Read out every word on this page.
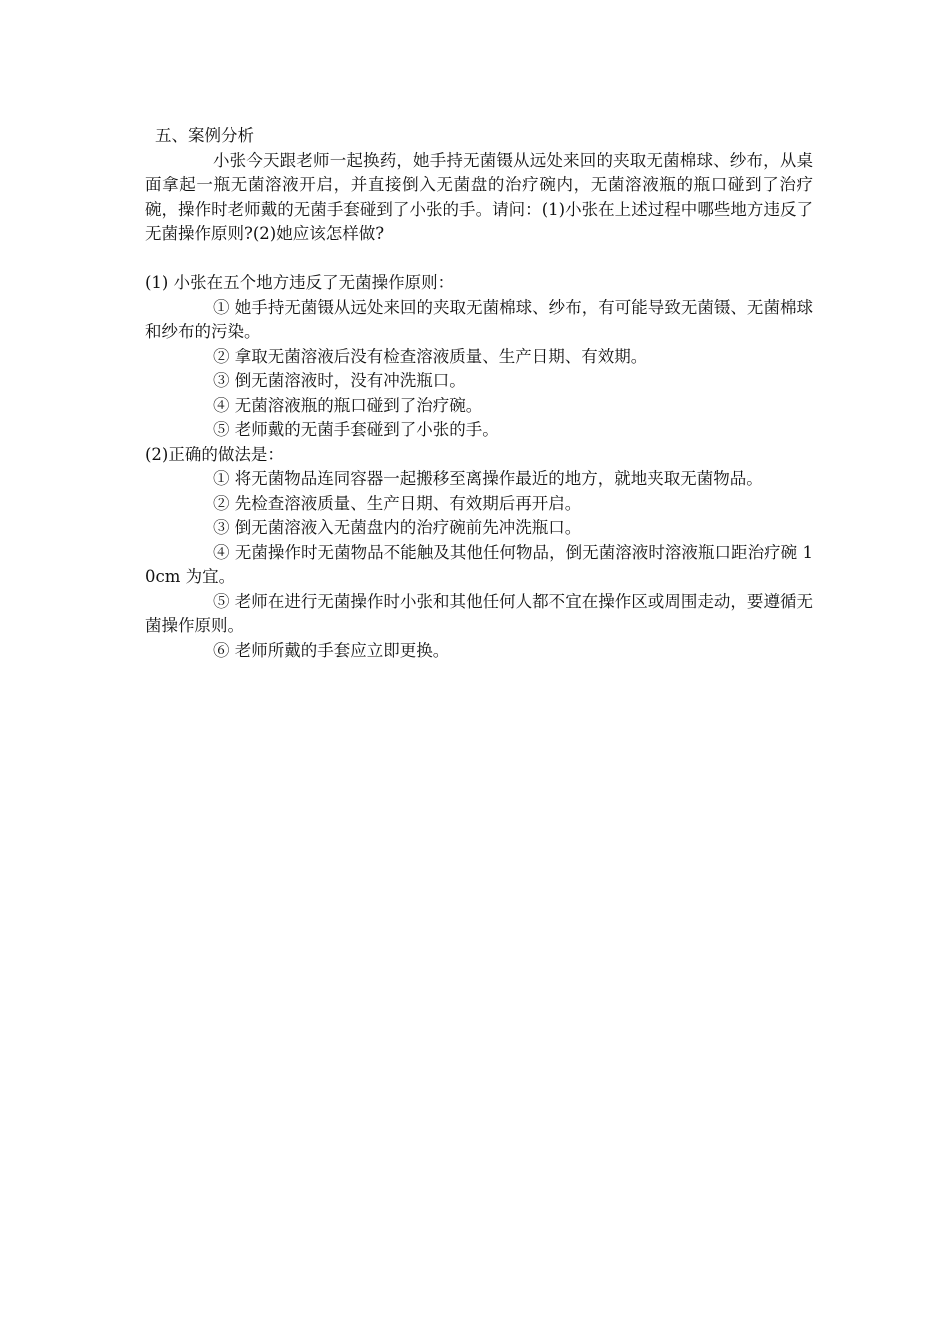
五、案例分析

小张今天跟老师一起换药，她手持无菌镊从远处来回的夹取无菌棉球、纱布，从桌面拿起一瓶无菌溶液开启，并直接倒入无菌盘的治疗碗内，无菌溶液瓶的瓶口碰到了治疗碗，操作时老师戴的无菌手套碰到了小张的手。请问：(1)小张在上述过程中哪些地方违反了无菌操作原则?(2)她应该怎样做?

(1) 小张在五个地方违反了无菌操作原则：

① 她手持无菌镊从远处来回的夹取无菌棉球、纱布，有可能导致无菌镊、无菌棉球和纱布的污染。

② 拿取无菌溶液后没有检查溶液质量、生产日期、有效期。

③ 倒无菌溶液时，没有冲洗瓶口。

④ 无菌溶液瓶的瓶口碰到了治疗碗。

⑤ 老师戴的无菌手套碰到了小张的手。

(2)正确的做法是：

① 将无菌物品连同容器一起搬移至离操作最近的地方，就地夹取无菌物品。

② 先检查溶液质量、生产日期、有效期后再开启。

③ 倒无菌溶液入无菌盘内的治疗碗前先冲洗瓶口。

④ 无菌操作时无菌物品不能触及其他任何物品，倒无菌溶液时溶液瓶口距治疗碗 10cm 为宜。

⑤ 老师在进行无菌操作时小张和其他任何人都不宜在操作区或周围走动，要遵循无菌操作原则。

⑥ 老师所戴的手套应立即更换。
